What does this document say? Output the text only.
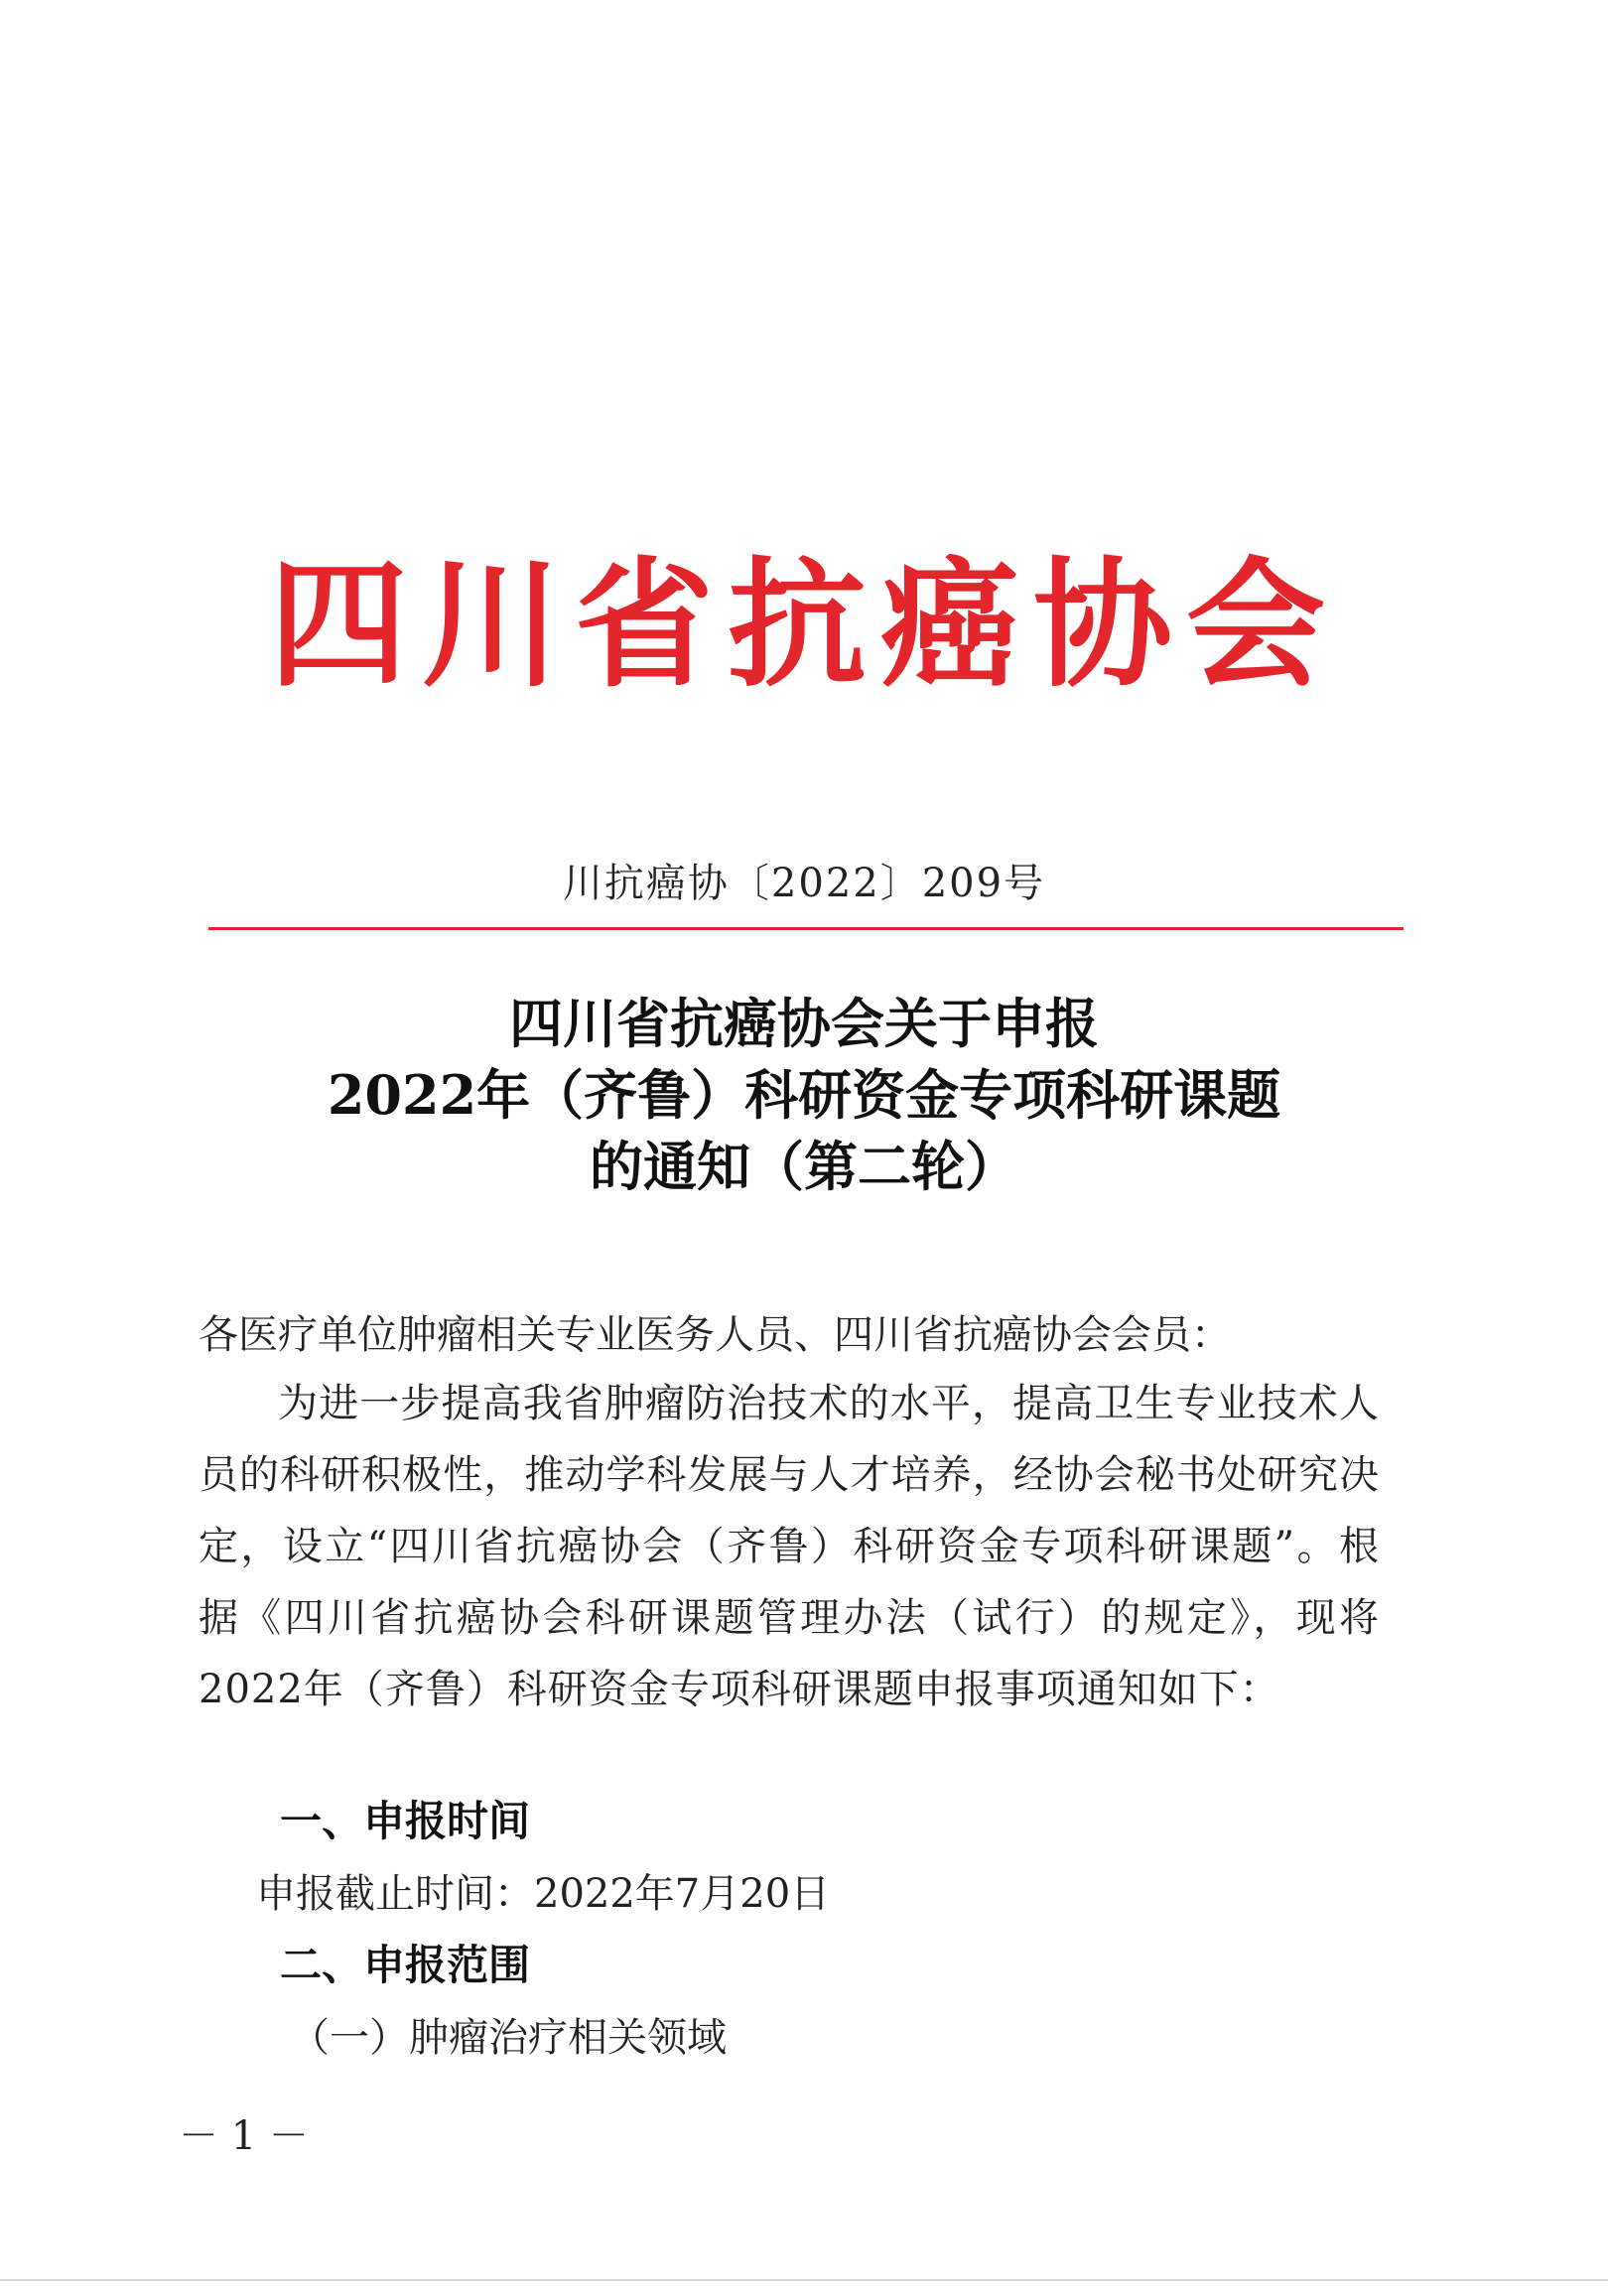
四川省抗癌协会
川抗癌协〔2022〕209号
四川省抗癌协会关于申报
2022年（齐鲁）科研资金专项科研课题
的通知（第二轮）
各医疗单位肿瘤相关专业医务人员、四川省抗癌协会会员：
为进一步提高我省肿瘤防治技术的水平，提高卫生专业技术人员的科研积极性，推动学科发展与人才培养，经协会秘书处研究决定，设立“四川省抗癌协会（齐鲁）科研资金专项科研课题”。根据《四川省抗癌协会科研课题管理办法（试行）的规定》，现将2022年（齐鲁）科研资金专项科研课题申报事项通知如下：
一、申报时间
申报截止时间：2022年7月20日
二、申报范围
（一）肿瘤治疗相关领域
－ 1 －
